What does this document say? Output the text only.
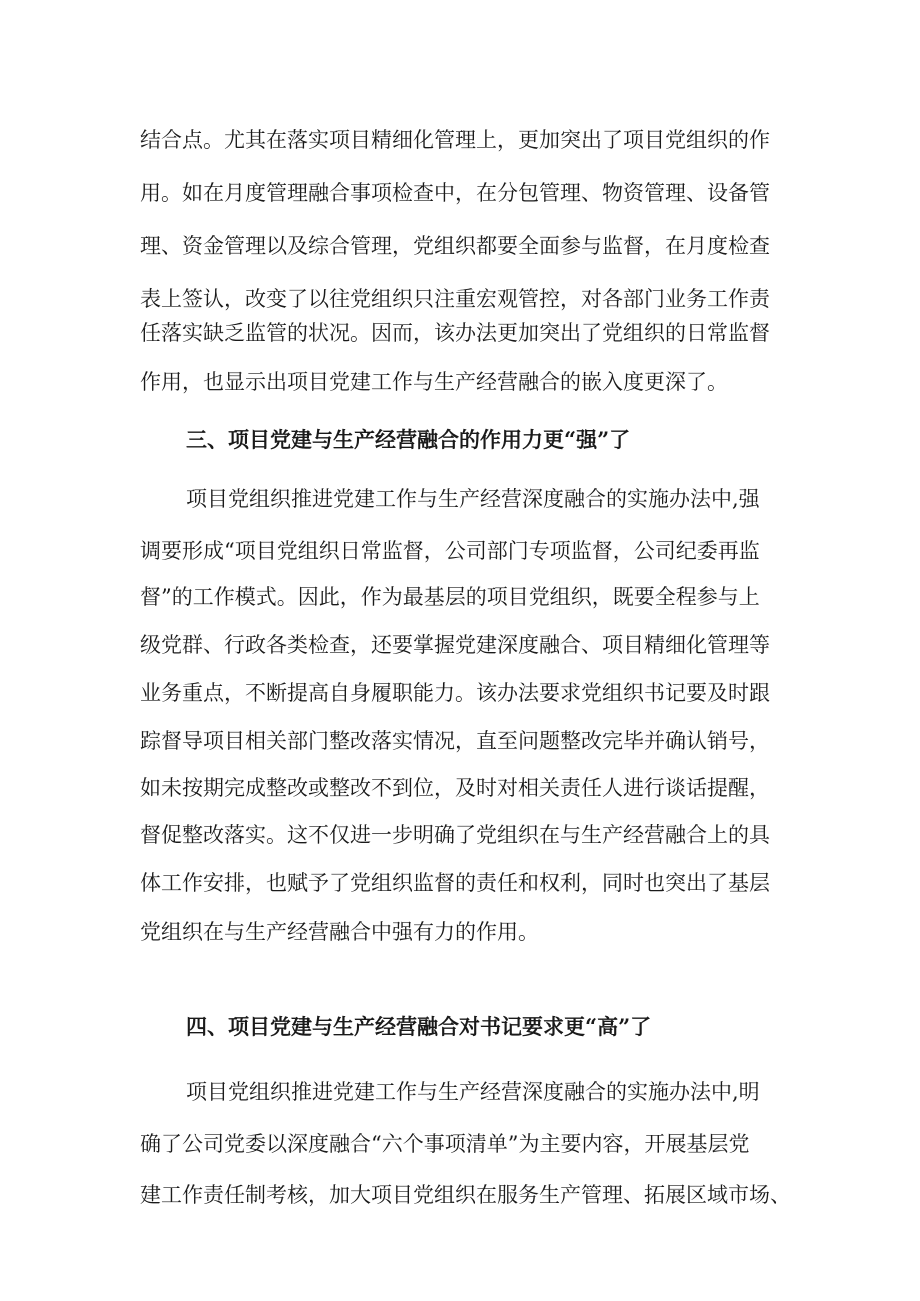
结合点。尤其在落实项目精细化管理上，更加突出了项目党组织的作
用。如在月度管理融合事项检查中，在分包管理、物资管理、设备管
理、资金管理以及综合管理，党组织都要全面参与监督，在月度检查
表上签认，改变了以往党组织只注重宏观管控，对各部门业务工作责
任落实缺乏监管的状况。因而，该办法更加突出了党组织的日常监督
作用，也显示出项目党建工作与生产经营融合的嵌入度更深了。
三、项目党建与生产经营融合的作用力更“强”了
项目党组织推进党建工作与生产经营深度融合的实施办法中,强
调要形成“项目党组织日常监督，公司部门专项监督，公司纪委再监
督”的工作模式。因此，作为最基层的项目党组织，既要全程参与上
级党群、行政各类检查，还要掌握党建深度融合、项目精细化管理等
业务重点，不断提高自身履职能力。该办法要求党组织书记要及时跟
踪督导项目相关部门整改落实情况，直至问题整改完毕并确认销号，
如未按期完成整改或整改不到位，及时对相关责任人进行谈话提醒，
督促整改落实。这不仅进一步明确了党组织在与生产经营融合上的具
体工作安排，也赋予了党组织监督的责任和权利，同时也突出了基层
党组织在与生产经营融合中强有力的作用。
四、项目党建与生产经营融合对书记要求更“高”了
项目党组织推进党建工作与生产经营深度融合的实施办法中,明
确了公司党委以深度融合“六个事项清单”为主要内容，开展基层党
建工作责任制考核，加大项目党组织在服务生产管理、拓展区域市场、
